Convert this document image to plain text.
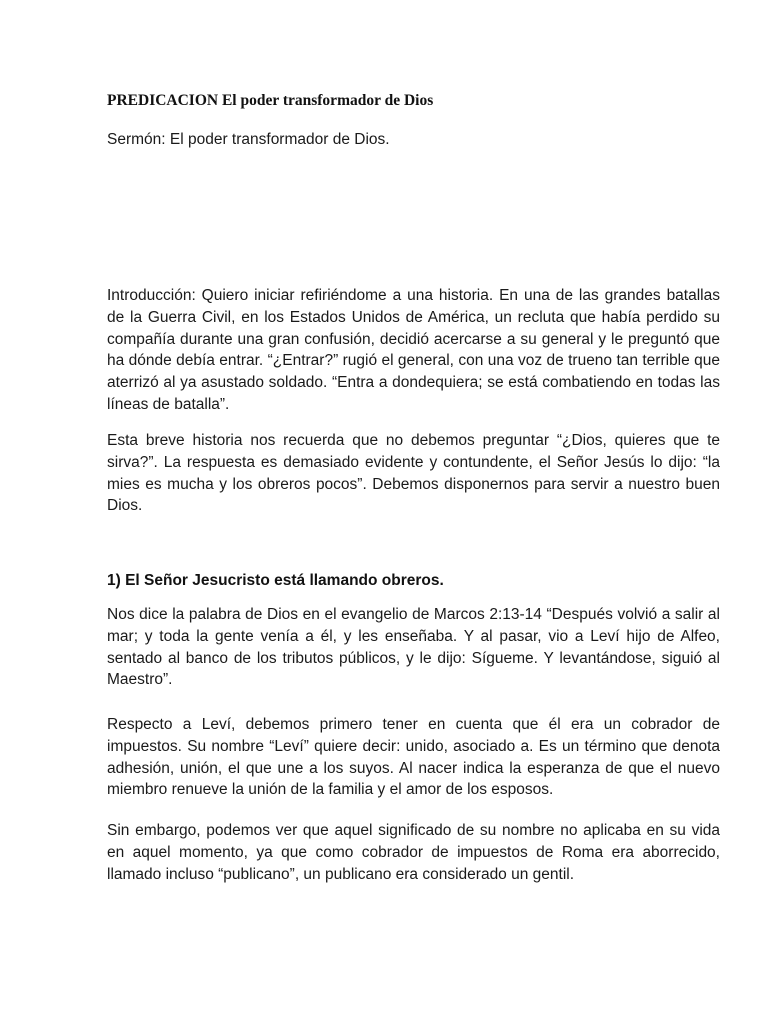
PREDICACION El poder transformador de Dios
Sermón: El poder transformador de Dios.

Introducción: Quiero iniciar refiriéndome a una historia. En una de las grandes batallas de la Guerra Civil, en los Estados Unidos de América, un recluta que había perdido su compañía durante una gran confusión, decidió acercarse a su general y le preguntó que ha dónde debía entrar. “¿Entrar?” rugió el general, con una voz de trueno tan terrible que aterrizó al ya asustado soldado. “Entra a dondequiera; se está combatiendo en todas las líneas de batalla”.

Esta breve historia nos recuerda que no debemos preguntar “¿Dios, quieres que te sirva?”. La respuesta es demasiado evidente y contundente, el Señor Jesús lo dijo: “la mies es mucha y los obreros pocos”. Debemos disponernos para servir a nuestro buen Dios.

1) El Señor Jesucristo está llamando obreros.

Nos dice la palabra de Dios en el evangelio de Marcos 2:13-14 “Después volvió a salir al mar; y toda la gente venía a él, y les enseñaba. Y al pasar, vio a Leví hijo de Alfeo, sentado al banco de los tributos públicos, y le dijo: Sígueme. Y levantándose, siguió al Maestro”.

Respecto a Leví, debemos primero tener en cuenta que él era un cobrador de impuestos. Su nombre “Leví” quiere decir: unido, asociado a. Es un término que denota adhesión, unión, el que une a los suyos. Al nacer indica la esperanza de que el nuevo miembro renueve la unión de la familia y el amor de los esposos.

Sin embargo, podemos ver que aquel significado de su nombre no aplicaba en su vida en aquel momento, ya que como cobrador de impuestos de Roma era aborrecido, llamado incluso “publicano”, un publicano era considerado un gentil.
